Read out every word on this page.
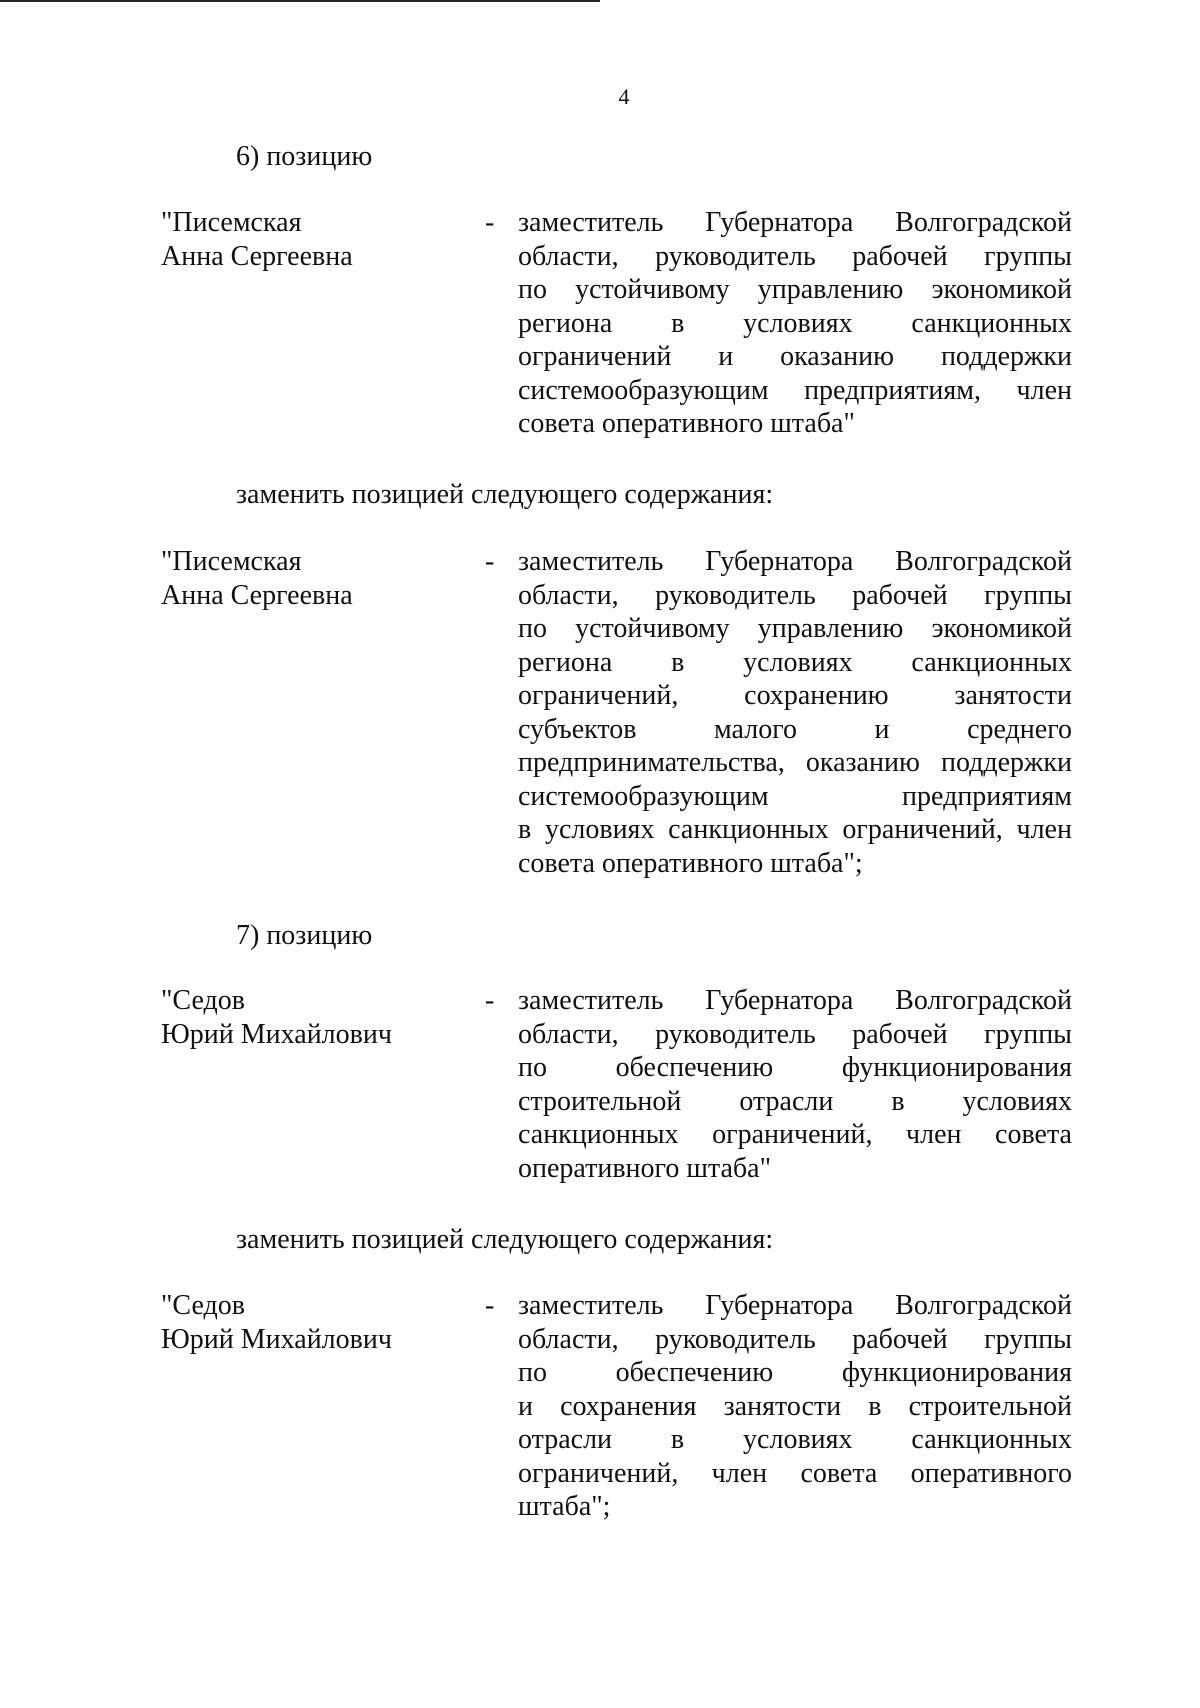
4
6) позицию
"Писемская
Анна Сергеевна
- заместитель Губернатора Волгоградской
области, руководитель рабочей группы
по устойчивому управлению экономикой
региона в условиях санкционных
ограничений и оказанию поддержки
системообразующим предприятиям, член
совета оперативного штаба"
заменить позицией следующего содержания:
"Писемская
Анна Сергеевна
- заместитель Губернатора Волгоградской
области, руководитель рабочей группы
по устойчивому управлению экономикой
региона в условиях санкционных
ограничений, сохранению занятости
субъектов	малого	и	среднего
предпринимательства, оказанию поддержки
системообразующим	предприятиям
в условиях санкционных ограничений, член
совета оперативного штаба";
7) позицию
"Седов
Юрий Михайлович
- заместитель Губернатора Волгоградской
области, руководитель рабочей группы
по обеспечению функционирования
строительной отрасли в условиях
санкционных ограничений, член совета
оперативного штаба"
заменить позицией следующего содержания:
"Седов
Юрий Михайлович
- заместитель Губернатора Волгоградской
области, руководитель рабочей группы
по обеспечению функционирования
и сохранения занятости в строительной
отрасли в условиях санкционных
ограничений, член совета оперативного
штаба";
